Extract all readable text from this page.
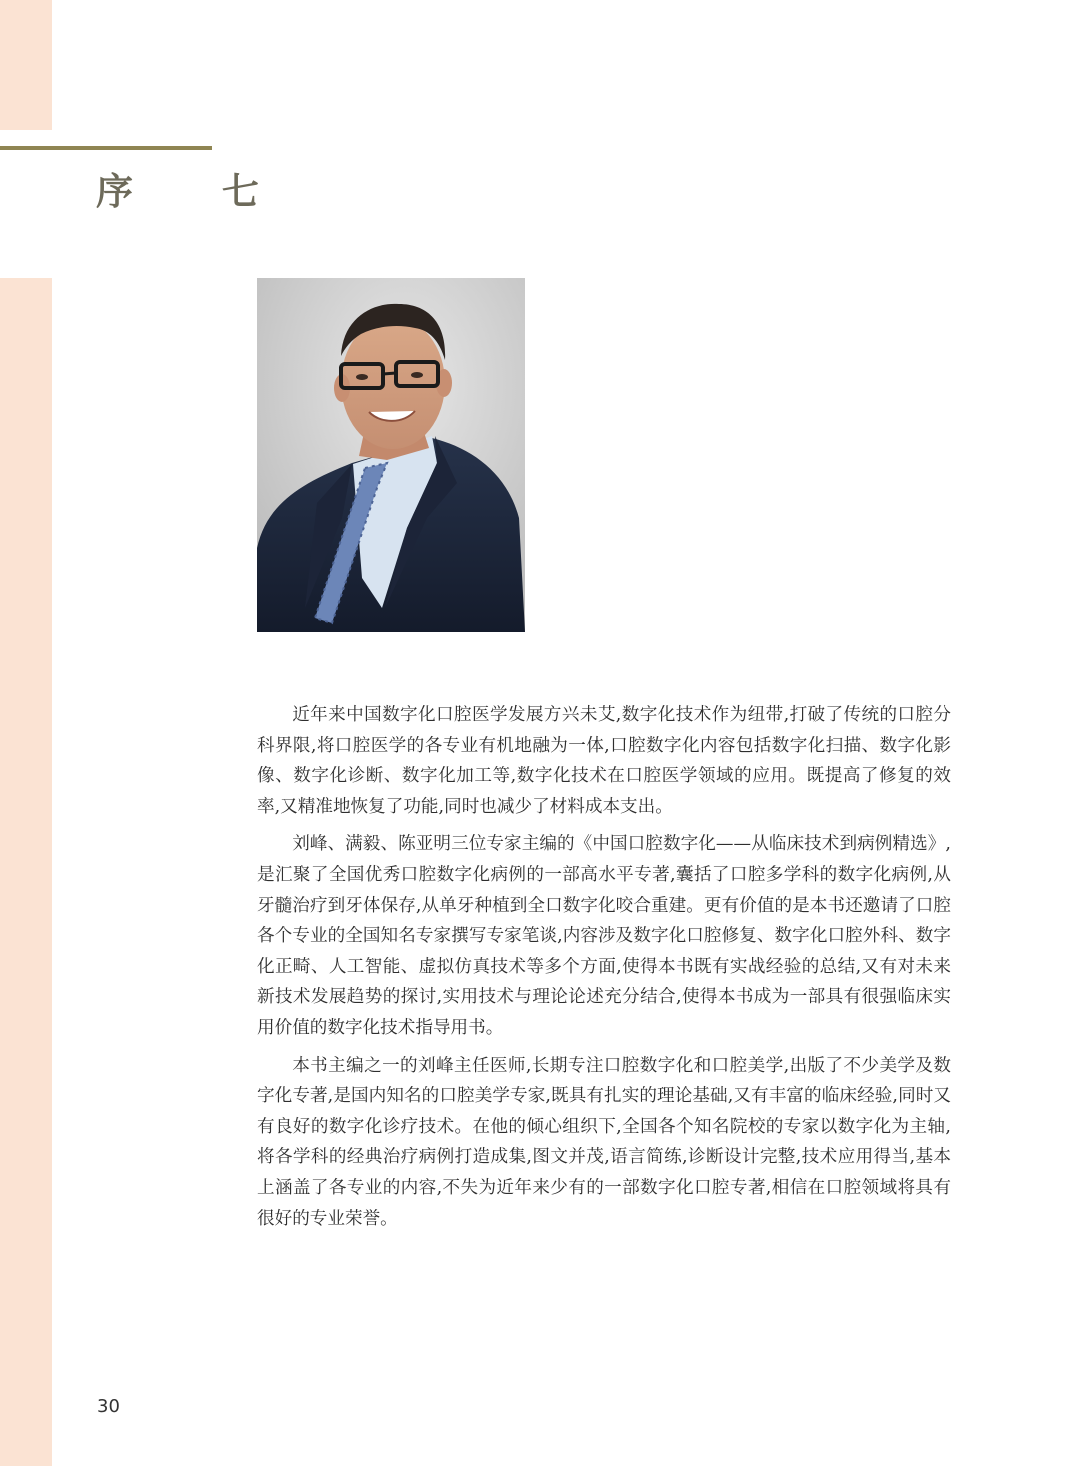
序 七

近年来中国数字化口腔医学发展方兴未艾,数字化技术作为纽带,打破了传统的口腔分科界限,将口腔医学的各专业有机地融为一体,口腔数字化内容包括数字化扫描、数字化影像、数字化诊断、数字化加工等,数字化技术在口腔医学领域的应用。既提高了修复的效率,又精准地恢复了功能,同时也减少了材料成本支出。

刘峰、满毅、陈亚明三位专家主编的《中国口腔数字化——从临床技术到病例精选》,是汇聚了全国优秀口腔数字化病例的一部高水平专著,囊括了口腔多学科的数字化病例,从牙髓治疗到牙体保存,从单牙种植到全口数字化咬合重建。更有价值的是本书还邀请了口腔各个专业的全国知名专家撰写专家笔谈,内容涉及数字化口腔修复、数字化口腔外科、数字化正畸、人工智能、虚拟仿真技术等多个方面,使得本书既有实战经验的总结,又有对未来新技术发展趋势的探讨,实用技术与理论论述充分结合,使得本书成为一部具有很强临床实用价值的数字化技术指导用书。

本书主编之一的刘峰主任医师,长期专注口腔数字化和口腔美学,出版了不少美学及数字化专著,是国内知名的口腔美学专家,既具有扎实的理论基础,又有丰富的临床经验,同时又有良好的数字化诊疗技术。在他的倾心组织下,全国各个知名院校的专家以数字化为主轴,将各学科的经典治疗病例打造成集,图文并茂,语言简练,诊断设计完整,技术应用得当,基本上涵盖了各专业的内容,不失为近年来少有的一部数字化口腔专著,相信在口腔领域将具有很好的专业荣誉。

30
